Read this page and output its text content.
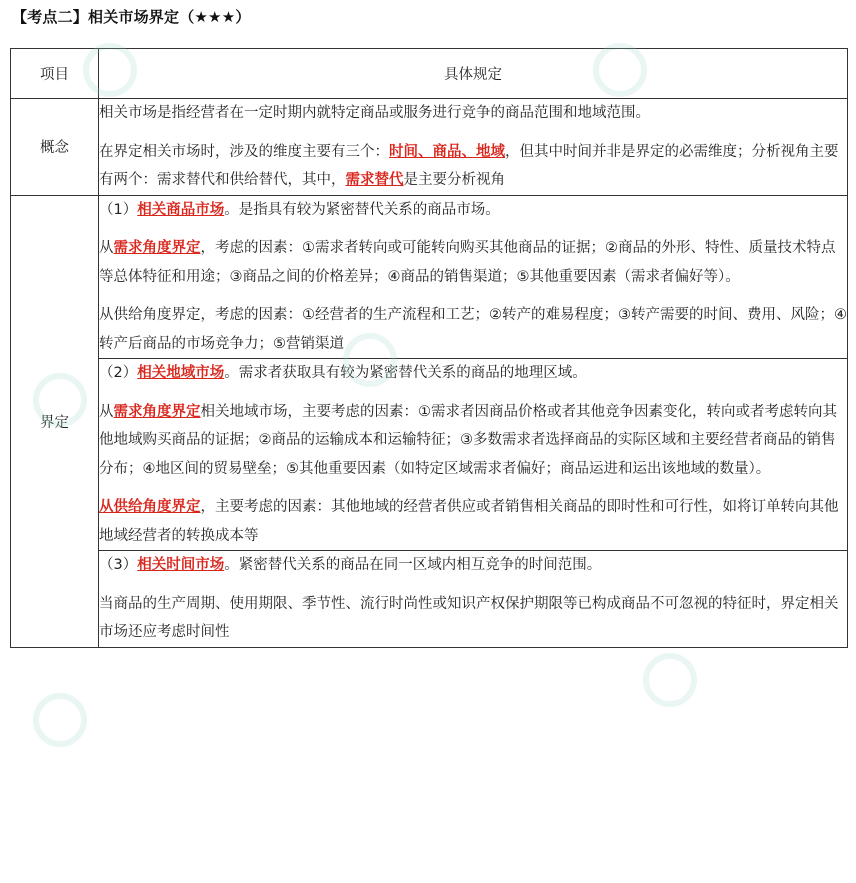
【考点二】相关市场界定（★★★）
项目	具体规定
概念	相关市场是指经营者在一定时期内就特定商品或服务进行竞争的商品范围和地域范围。

在界定相关市场时，涉及的维度主要有三个：时间、商品、地域，但其中时间并非是界定的必需维度；分析视角主要有两个：需求替代和供给替代，其中，需求替代是主要分析视角

界定	（1）相关商品市场。是指具有较为紧密替代关系的商品市场。

从需求角度界定，考虑的因素：①需求者转向或可能转向购买其他商品的证据；②商品的外形、特性、质量技术特点等总体特征和用途；③商品之间的价格差异；④商品的销售渠道；⑤其他重要因素（需求者偏好等）。

从供给角度界定，考虑的因素：①经营者的生产流程和工艺；②转产的难易程度；③转产需要的时间、费用、风险；④转产后商品的市场竞争力；⑤营销渠道

	（2）相关地域市场。需求者获取具有较为紧密替代关系的商品的地理区域。

从需求角度界定相关地域市场，主要考虑的因素：①需求者因商品价格或者其他竞争因素变化，转向或者考虑转向其他地域购买商品的证据；②商品的运输成本和运输特征；③多数需求者选择商品的实际区域和主要经营者商品的销售分布；④地区间的贸易壁垒；⑤其他重要因素（如特定区域需求者偏好；商品运进和运出该地域的数量）。

从供给角度界定，主要考虑的因素：其他地域的经营者供应或者销售相关商品的即时性和可行性，如将订单转向其他地域经营者的转换成本等

	（3）相关时间市场。紧密替代关系的商品在同一区域内相互竞争的时间范围。

当商品的生产周期、使用期限、季节性、流行时尚性或知识产权保护期限等已构成商品不可忽视的特征时，界定相关市场还应考虑时间性
